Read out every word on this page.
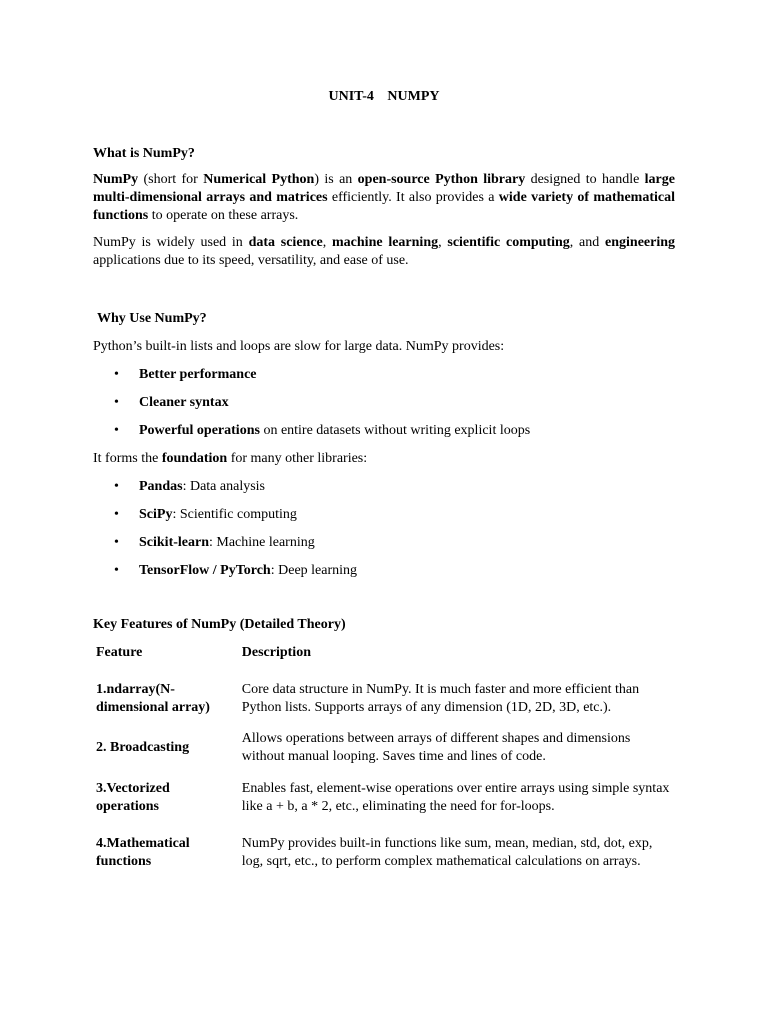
UNIT-4 NUMPY

What is NumPy?

NumPy (short for Numerical Python) is an open-source Python library designed to handle large multi-dimensional arrays and matrices efficiently. It also provides a wide variety of mathematical functions to operate on these arrays.

NumPy is widely used in data science, machine learning, scientific computing, and engineering applications due to its speed, versatility, and ease of use.

Why Use NumPy?

Python’s built-in lists and loops are slow for large data. NumPy provides:

• Better performance
• Cleaner syntax
• Powerful operations on entire datasets without writing explicit loops

It forms the foundation for many other libraries:

• Pandas: Data analysis
• SciPy: Scientific computing
• Scikit-learn: Machine learning
• TensorFlow / PyTorch: Deep learning

Key Features of NumPy (Detailed Theory)

Feature	Description
1.ndarray(N-dimensional array)	Core data structure in NumPy. It is much faster and more efficient than Python lists. Supports arrays of any dimension (1D, 2D, 3D, etc.).
2. Broadcasting	Allows operations between arrays of different shapes and dimensions without manual looping. Saves time and lines of code.
3.Vectorized operations	Enables fast, element-wise operations over entire arrays using simple syntax like a + b, a * 2, etc., eliminating the need for for-loops.
4.Mathematical functions	NumPy provides built-in functions like sum, mean, median, std, dot, exp, log, sqrt, etc., to perform complex mathematical calculations on arrays.
